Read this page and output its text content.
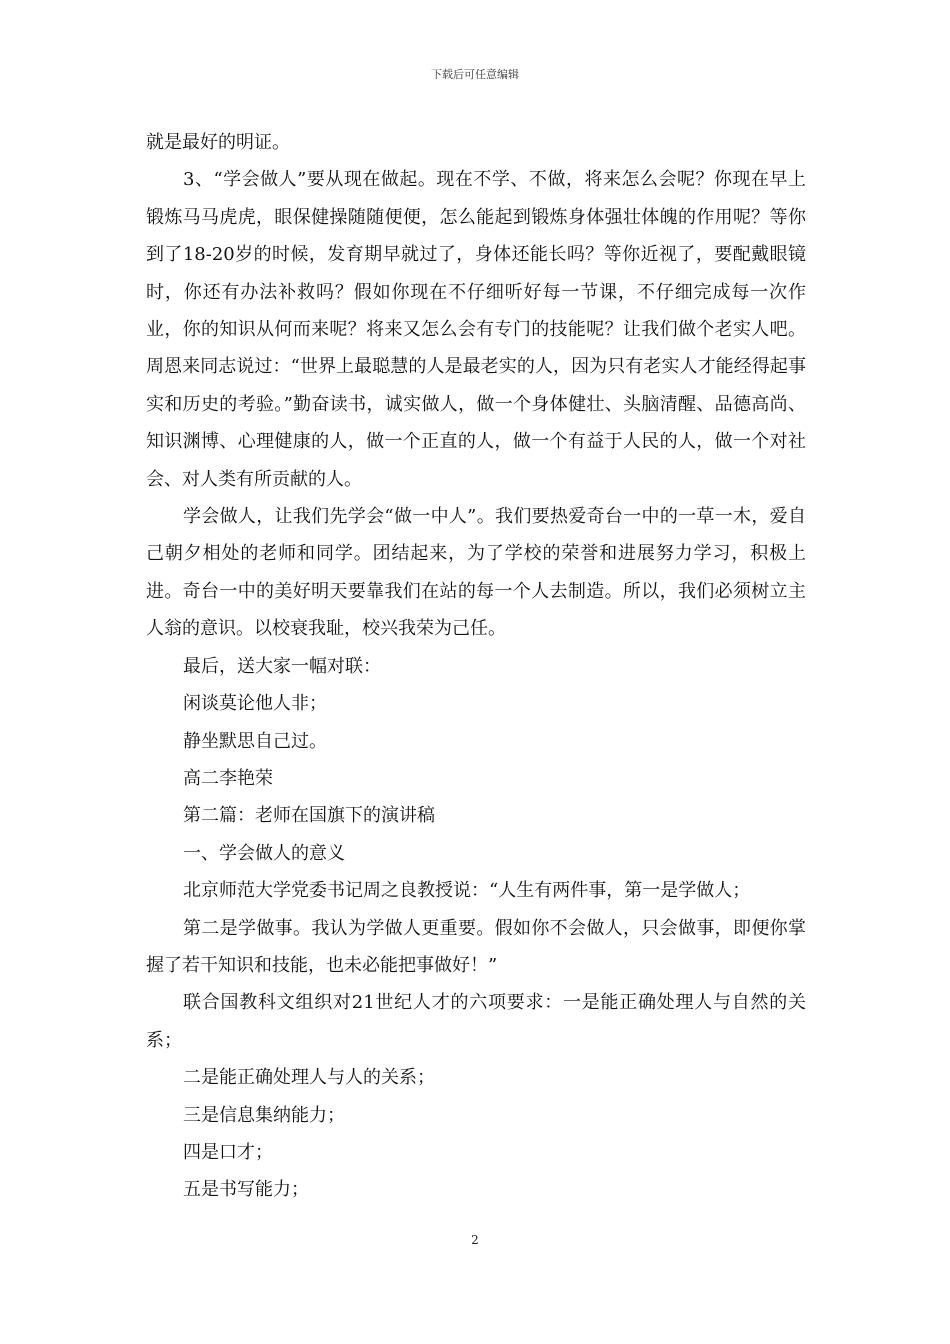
下载后可任意编辑

就是最好的明证。

3、“学会做人”要从现在做起。现在不学、不做，将来怎么会呢？你现在早上锻炼马马虎虎，眼保健操随随便便，怎么能起到锻炼身体强壮体魄的作用呢？等你到了18-20岁的时候，发育期早就过了，身体还能长吗？等你近视了，要配戴眼镜时，你还有办法补救吗？假如你现在不仔细听好每一节课，不仔细完成每一次作业，你的知识从何而来呢？将来又怎么会有专门的技能呢？让我们做个老实人吧。周恩来同志说过：“世界上最聪慧的人是最老实的人，因为只有老实人才能经得起事实和历史的考验。”勤奋读书，诚实做人，做一个身体健壮、头脑清醒、品德高尚、知识渊博、心理健康的人，做一个正直的人，做一个有益于人民的人，做一个对社会、对人类有所贡献的人。

学会做人，让我们先学会“做一中人”。我们要热爱奇台一中的一草一木，爱自己朝夕相处的老师和同学。团结起来，为了学校的荣誉和进展努力学习，积极上进。奇台一中的美好明天要靠我们在站的每一个人去制造。所以，我们必须树立主人翁的意识。以校衰我耻，校兴我荣为己任。

最后，送大家一幅对联：

闲谈莫论他人非；

静坐默思自己过。

高二李艳荣

第二篇：老师在国旗下的演讲稿

一、学会做人的意义

北京师范大学党委书记周之良教授说：“人生有两件事，第一是学做人；

第二是学做事。我认为学做人更重要。假如你不会做人，只会做事，即便你掌握了若干知识和技能，也未必能把事做好！”

联合国教科文组织对21世纪人才的六项要求：一是能正确处理人与自然的关系；

二是能正确处理人与人的关系；

三是信息集纳能力；

四是口才；

五是书写能力；

2
